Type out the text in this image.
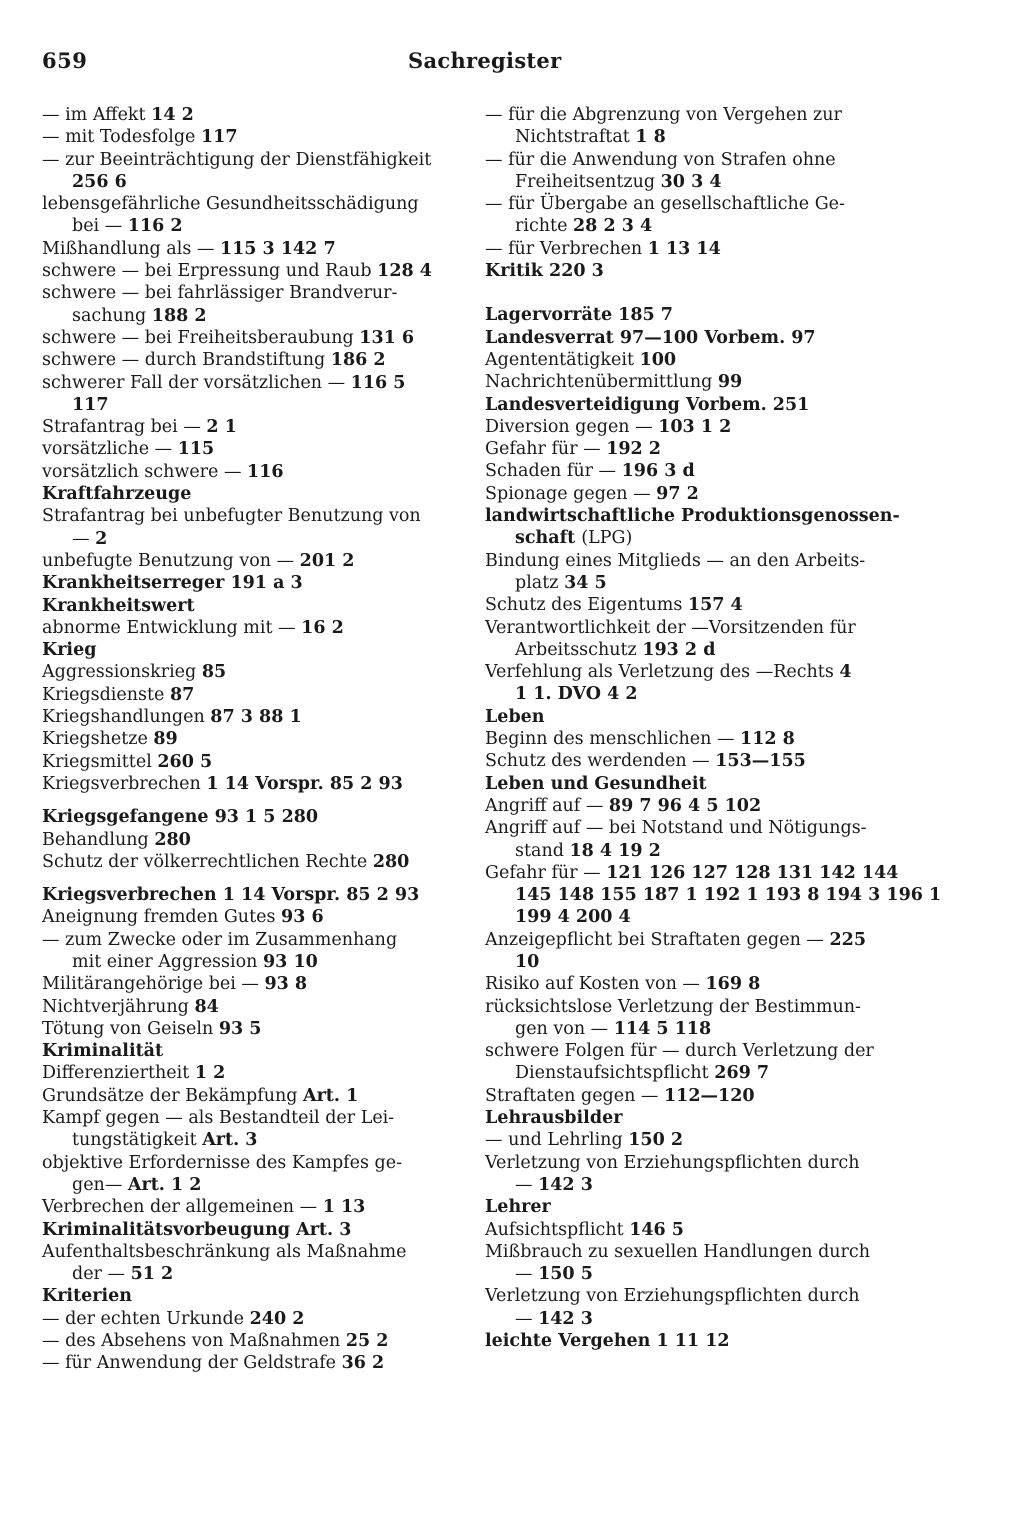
659	Sachregister
— im Affekt 14 2
— mit Todesfolge 117
— zur Beeinträchtigung der Dienstfähigkeit
256 6
lebensgefährliche Gesundheitsschädigung
bei — 116 2
Mißhandlung als — 115 3 142 7
schwere — bei Erpressung und Raub 128 4
schwere — bei fahrlässiger Brandverur-
sachung 188 2
schwere — bei Freiheitsberaubung 131 6
schwere — durch Brandstiftung 186 2
schwerer Fall der vorsätzlichen — 116 5
117
Strafantrag bei — 2 1
vorsätzliche — 115
vorsätzlich schwere — 116
Kraftfahrzeuge
Strafantrag bei unbefugter Benutzung von
— 2
unbefugte Benutzung von — 201 2
Krankheitserreger 191 a 3
Krankheitswert
abnorme Entwicklung mit — 16 2
Krieg
Aggressionskrieg 85
Kriegsdienste 87
Kriegshandlungen 87 3 88 1
Kriegshetze 89
Kriegsmittel 260 5
Kriegsverbrechen 1 14 Vorspr. 85 2 93
Kriegsgefangene 93 1 5 280
Behandlung 280
Schutz der völkerrechtlichen Rechte 280
Kriegsverbrechen 1 14 Vorspr. 85 2 93
Aneignung fremden Gutes 93 6
— zum Zwecke oder im Zusammenhang
mit einer Aggression 93 10
Militärangehörige bei — 93 8
Nichtverjährung 84
Tötung von Geiseln 93 5
Kriminalität
Differenziertheit 1 2
Grundsätze der Bekämpfung Art. 1
Kampf gegen — als Bestandteil der Lei-
tungstätigkeit Art. 3
objektive Erfordernisse des Kampfes ge-
gen— Art. 1 2
Verbrechen der allgemeinen — 1 13
Kriminalitätsvorbeugung Art. 3
Aufenthaltsbeschränkung als Maßnahme
der — 51 2
Kriterien
— der echten Urkunde 240 2
— des Absehens von Maßnahmen 25 2
— für Anwendung der Geldstrafe 36 2
— für die Abgrenzung von Vergehen zur
Nichtstraftat 1 8
— für die Anwendung von Strafen ohne
Freiheitsentzug 30 3 4
— für Übergabe an gesellschaftliche Ge-
richte 28 2 3 4
— für Verbrechen 1 13 14
Kritik 220 3
Lagervorräte 185 7
Landesverrat 97—100 Vorbem. 97
Agententätigkeit 100
Nachrichtenübermittlung 99
Landesverteidigung Vorbem. 251
Diversion gegen — 103 1 2
Gefahr für — 192 2
Schaden für — 196 3 d
Spionage gegen — 97 2
landwirtschaftliche Produktionsgenossen-
schaft (LPG)
Bindung eines Mitglieds — an den Arbeits-
platz 34 5
Schutz des Eigentums 157 4
Verantwortlichkeit der —Vorsitzenden für
Arbeitsschutz 193 2 d
Verfehlung als Verletzung des —Rechts 4
1 1. DVO 4 2
Leben
Beginn des menschlichen — 112 8
Schutz des werdenden — 153—155
Leben und Gesundheit
Angriff auf — 89 7 96 4 5 102
Angriff auf — bei Notstand und Nötigungs-
stand 18 4 19 2
Gefahr für — 121 126 127 128 131 142 144
145 148 155 187 1 192 1 193 8 194 3 196 1
199 4 200 4
Anzeigepflicht bei Straftaten gegen — 225
10
Risiko auf Kosten von — 169 8
rücksichtslose Verletzung der Bestimmun-
gen von — 114 5 118
schwere Folgen für — durch Verletzung der
Dienstaufsichtspflicht 269 7
Straftaten gegen — 112—120
Lehrausbilder
— und Lehrling 150 2
Verletzung von Erziehungspflichten durch
— 142 3
Lehrer
Aufsichtspflicht 146 5
Mißbrauch zu sexuellen Handlungen durch
— 150 5
Verletzung von Erziehungspflichten durch
— 142 3
leichte Vergehen 1 11 12
